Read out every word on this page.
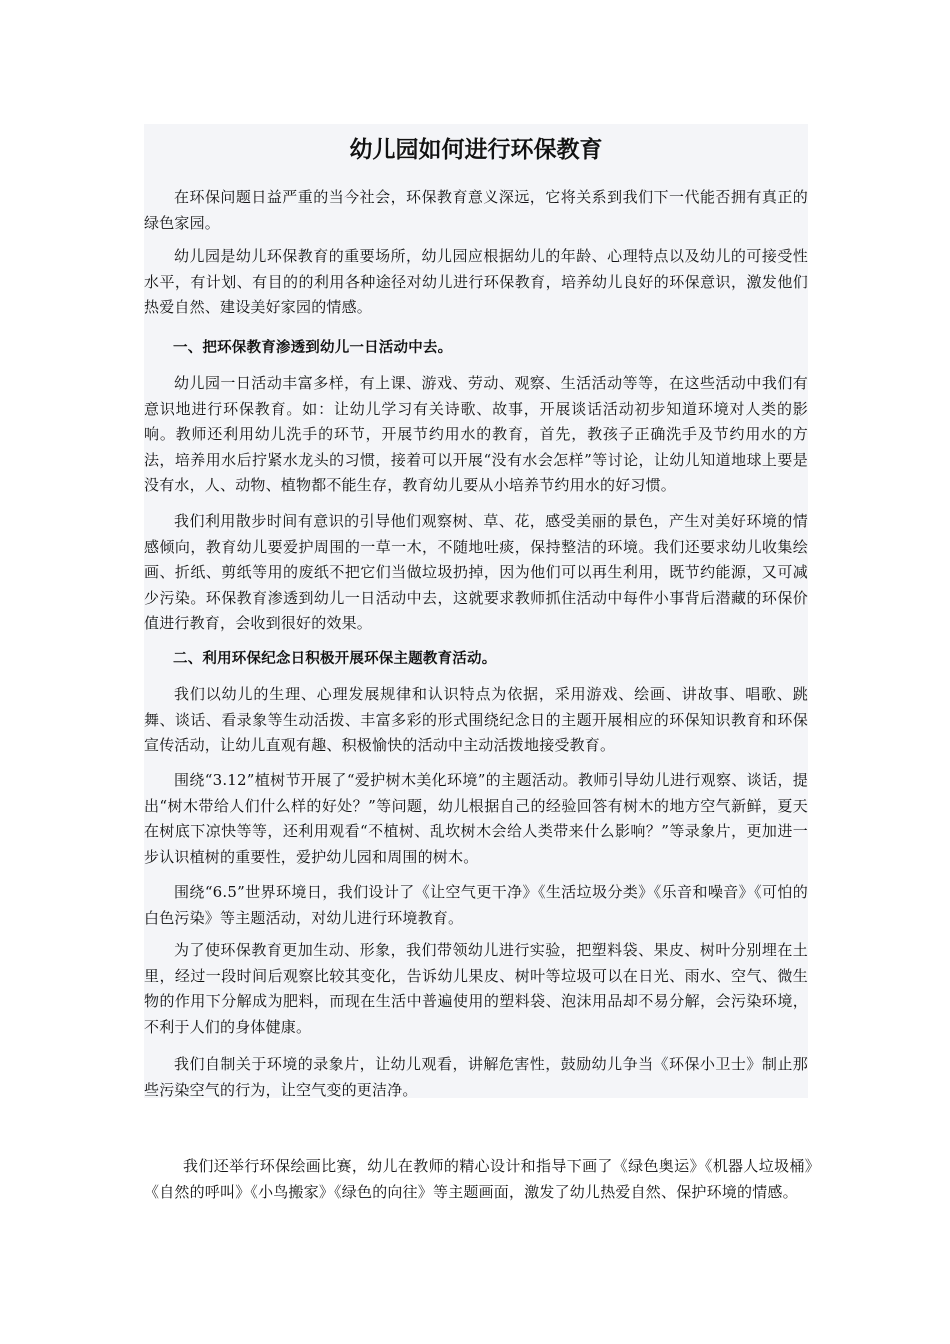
幼儿园如何进行环保教育

在环保问题日益严重的当今社会，环保教育意义深远，它将关系到我们下一代能否拥有真正的绿色家园。

幼儿园是幼儿环保教育的重要场所，幼儿园应根据幼儿的年龄、心理特点以及幼儿的可接受性水平，有计划、有目的的利用各种途径对幼儿进行环保教育，培养幼儿良好的环保意识，激发他们热爱自然、建设美好家园的情感。

一、把环保教育渗透到幼儿一日活动中去。

幼儿园一日活动丰富多样，有上课、游戏、劳动、观察、生活活动等等，在这些活动中我们有意识地进行环保教育。如：让幼儿学习有关诗歌、故事，开展谈话活动初步知道环境对人类的影响。教师还利用幼儿洗手的环节，开展节约用水的教育，首先，教孩子正确洗手及节约用水的方法，培养用水后拧紧水龙头的习惯，接着可以开展“没有水会怎样”等讨论，让幼儿知道地球上要是没有水，人、动物、植物都不能生存，教育幼儿要从小培养节约用水的好习惯。

我们利用散步时间有意识的引导他们观察树、草、花，感受美丽的景色，产生对美好环境的情感倾向，教育幼儿要爱护周围的一草一木，不随地吐痰，保持整洁的环境。我们还要求幼儿收集绘画、折纸、剪纸等用的废纸不把它们当做垃圾扔掉，因为他们可以再生利用，既节约能源，又可减少污染。环保教育渗透到幼儿一日活动中去，这就要求教师抓住活动中每件小事背后潜藏的环保价值进行教育，会收到很好的效果。

二、利用环保纪念日积极开展环保主题教育活动。

我们以幼儿的生理、心理发展规律和认识特点为依据，采用游戏、绘画、讲故事、唱歌、跳舞、谈话、看录象等生动活拨、丰富多彩的形式围绕纪念日的主题开展相应的环保知识教育和环保宣传活动，让幼儿直观有趣、积极愉快的活动中主动活拨地接受教育。

围绕“3.12”植树节开展了“爱护树木美化环境”的主题活动。教师引导幼儿进行观察、谈话，提出“树木带给人们什么样的好处？”等问题，幼儿根据自己的经验回答有树木的地方空气新鲜，夏天在树底下凉快等等，还利用观看“不植树、乱坎树木会给人类带来什么影响？”等录象片，更加进一步认识植树的重要性，爱护幼儿园和周围的树木。

围绕“6.5”世界环境日，我们设计了《让空气更干净》《生活垃圾分类》《乐音和噪音》《可怕的白色污染》等主题活动，对幼儿进行环境教育。

为了使环保教育更加生动、形象，我们带领幼儿进行实验，把塑料袋、果皮、树叶分别埋在土里，经过一段时间后观察比较其变化，告诉幼儿果皮、树叶等垃圾可以在日光、雨水、空气、微生物的作用下分解成为肥料，而现在生活中普遍使用的塑料袋、泡沫用品却不易分解，会污染环境，不利于人们的身体健康。

我们自制关于环境的录象片，让幼儿观看，讲解危害性，鼓励幼儿争当《环保小卫士》制止那些污染空气的行为，让空气变的更洁净。

我们还举行环保绘画比赛，幼儿在教师的精心设计和指导下画了《绿色奥运》《机器人垃圾桶》《自然的呼叫》《小鸟搬家》《绿色的向往》等主题画面，激发了幼儿热爱自然、保护环境的情感。
